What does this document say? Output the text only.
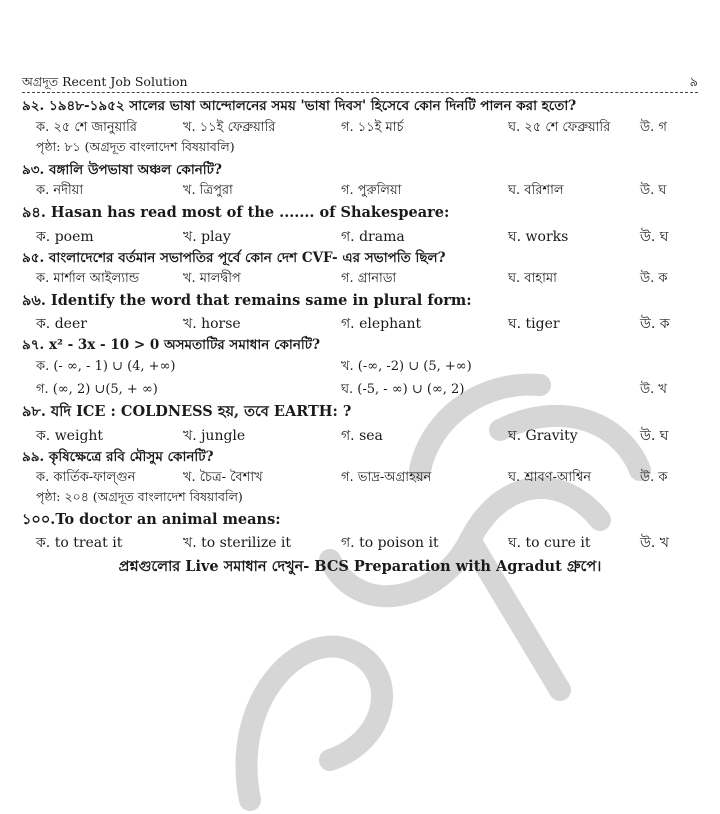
অগ্রদূত Recent Job Solution	৯
৯২. ১৯৪৮-১৯৫২ সালের ভাষা আন্দোলনের সময় 'ভাষা দিবস' হিসেবে কোন দিনটি পালন করা হতো?
ক. ২৫ শে জানুয়ারি	খ. ১১ই ফেব্রুয়ারি	গ. ১১ই মার্চ	ঘ. ২৫ শে ফেব্রুয়ারি উ. গ
পৃষ্ঠা: ৮১ (অগ্রদূত বাংলাদেশ বিষয়াবলি)
৯৩. বঙ্গালি উপভাষা অঞ্চল কোনটি?
ক. নদীয়া	খ. ত্রিপুরা	গ. পুরুলিয়া	ঘ. বরিশাল	উ. ঘ
৯৪. Hasan has read most of the ....... of Shakespeare:
ক. poem	খ. play	গ. drama	ঘ. works	উ. ঘ
৯৫. বাংলাদেশের বর্তমান সভাপতির পূর্বে কোন দেশ CVF- এর সভাপতি ছিল?
ক. মার্শাল আইল্যান্ড	খ. মালদ্বীপ	গ. গ্রানাডা	ঘ. বাহামা	উ. ক
৯৬. Identify the word that remains same in plural form:
ক. deer	খ. horse	গ. elephant	ঘ. tiger	উ. ক
৯৭. x² - 3x - 10 > 0 অসমতাটির সমাধান কোনটি?
ক. (- ∞, - 1) ∪ (4, +∞)	খ. (-∞, -2) ∪ (5, +∞)
গ. (∞, 2) ∪(5, + ∞)	ঘ. (-5, - ∞) ∪ (∞, 2)	উ. খ
৯৮. যদি ICE : COLDNESS হয়, তবে EARTH: ?
ক. weight	খ. jungle	গ. sea	ঘ. Gravity	উ. ঘ
৯৯. কৃষিক্ষেত্রে রবি মৌসুম কোনটি?
ক. কার্তিক-ফাল্গুন	খ. চৈত্র- বৈশাখ	গ. ভাদ্র-অগ্রাহয়ন	ঘ. শ্রাবণ-আশ্বিন	উ. ক
পৃষ্ঠা: ২০৪ (অগ্রদূত বাংলাদেশ বিষয়াবলি)
১০০.To doctor an animal means:
ক. to treat it	খ. to sterilize it	গ. to poison it	ঘ. to cure it	উ. খ
প্রশ্নগুলোর Live সমাধান দেখুন- BCS Preparation with Agradut গ্রুপে।
